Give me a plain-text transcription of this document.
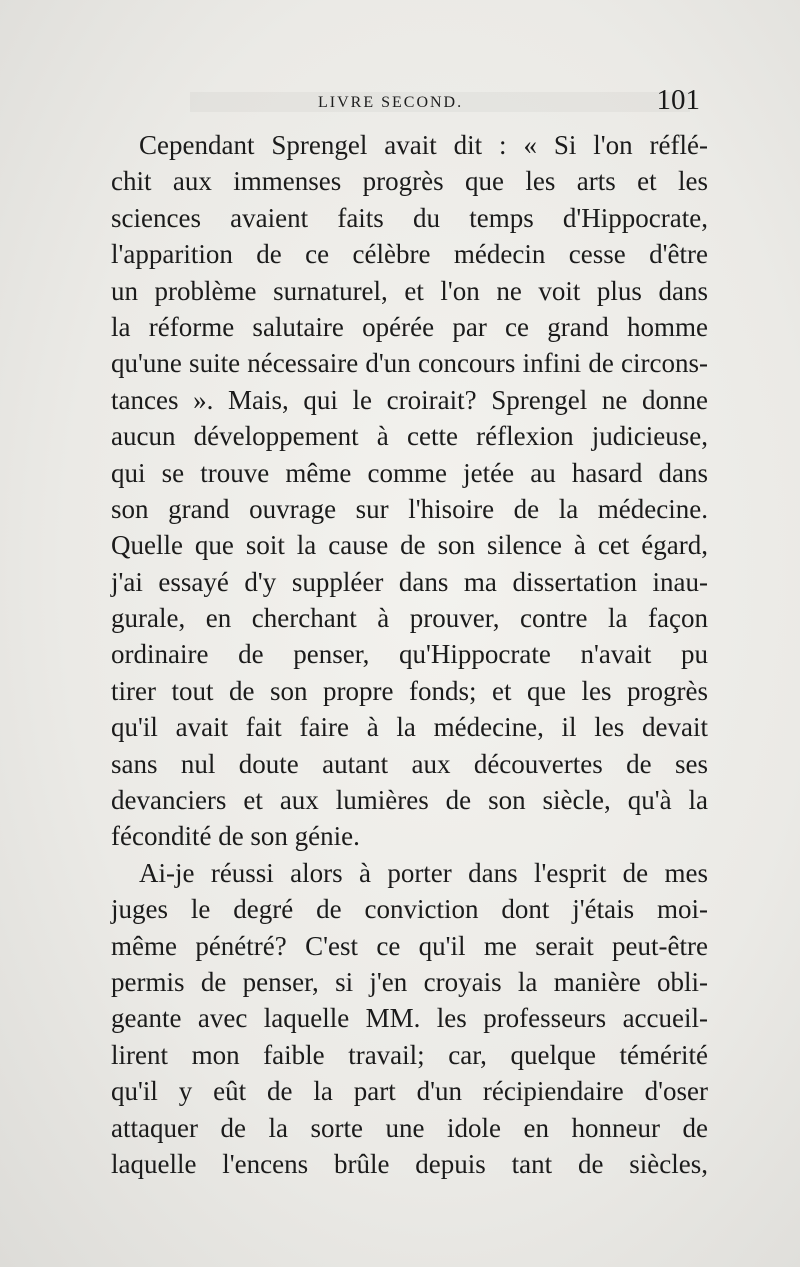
LIVRE SECOND.	101
Cependant Sprengel avait dit : « Si l'on réflé-
chit aux immenses progrès que les arts et les
sciences avaient faits du temps d'Hippocrate,
l'apparition de ce célèbre médecin cesse d'être
un problème surnaturel, et l'on ne voit plus dans
la réforme salutaire opérée par ce grand homme
qu'une suite nécessaire d'un concours infini de circons-
tances ». Mais, qui le croirait? Sprengel ne donne
aucun développement à cette réflexion judicieuse,
qui se trouve même comme jetée au hasard dans
son grand ouvrage sur l'hisoire de la médecine.
Quelle que soit la cause de son silence à cet égard,
j'ai essayé d'y suppléer dans ma dissertation inau-
gurale, en cherchant à prouver, contre la façon
ordinaire de penser, qu'Hippocrate n'avait pu
tirer tout de son propre fonds; et que les progrès
qu'il avait fait faire à la médecine, il les devait
sans nul doute autant aux découvertes de ses
devanciers et aux lumières de son siècle, qu'à la
fécondité de son génie.
Ai-je réussi alors à porter dans l'esprit de mes
juges le degré de conviction dont j'étais moi-
même pénétré? C'est ce qu'il me serait peut-être
permis de penser, si j'en croyais la manière obli-
geante avec laquelle MM. les professeurs accueil-
lirent mon faible travail; car, quelque témérité
qu'il y eût de la part d'un récipiendaire d'oser
attaquer de la sorte une idole en honneur de
laquelle l'encens brûle depuis tant de siècles,
